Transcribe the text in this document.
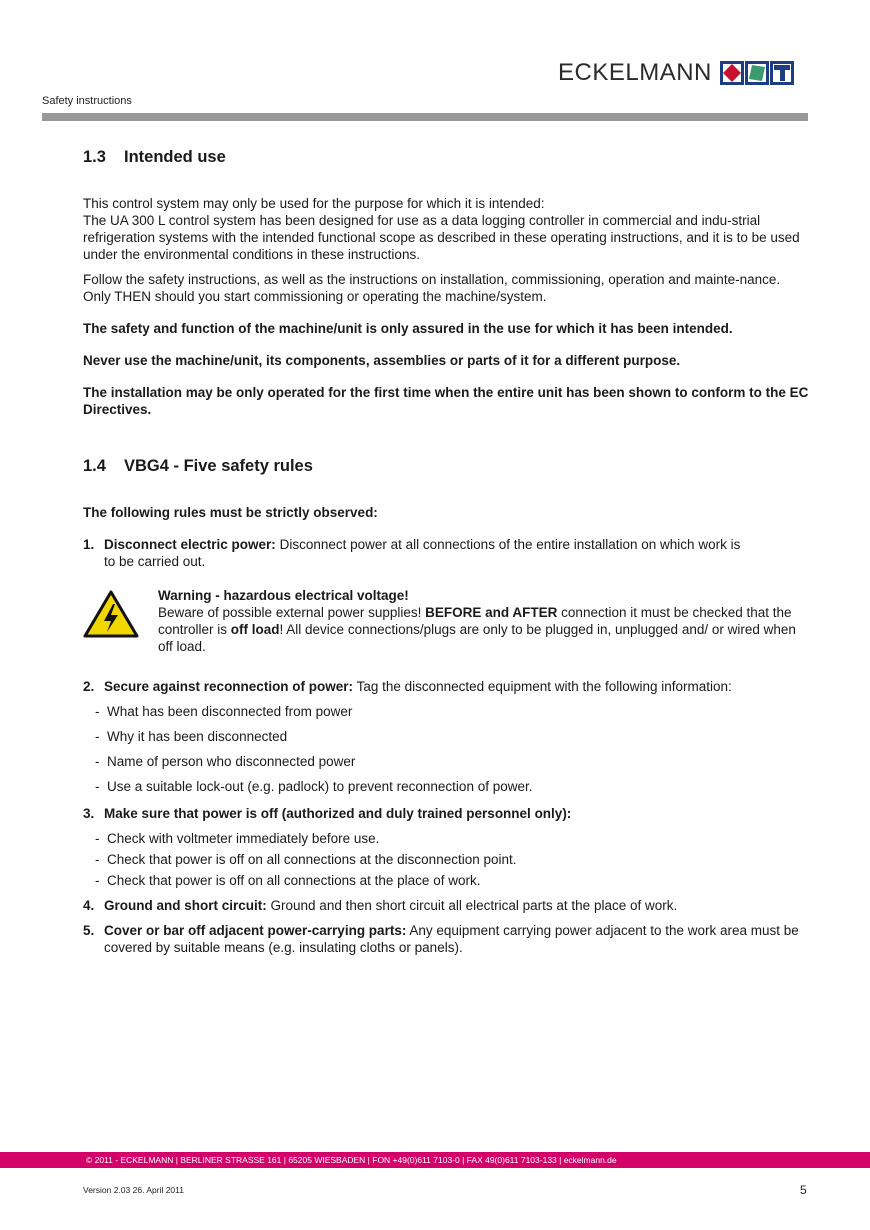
ECKELMANN
Safety instructions
1.3 Intended use

This control system may only be used for the purpose for which it is intended:
The UA 300 L control system has been designed for use as a data logging controller in commercial and indu-strial refrigeration systems with the intended functional scope as described in these operating instructions, and it is to be used under the environmental conditions in these instructions.

Follow the safety instructions, as well as the instructions on installation, commissioning, operation and mainte-nance. Only THEN should you start commissioning or operating the machine/system.

The safety and function of the machine/unit is only assured in the use for which it has been intended.

Never use the machine/unit, its components, assemblies or parts of it for a different purpose.

The installation may be only operated for the first time when the entire unit has been shown to conform to the EC Directives.

1.4 VBG4 - Five safety rules

The following rules must be strictly observed:

1. Disconnect electric power: Disconnect power at all connections of the entire installation on which work is to be carried out.

Warning - hazardous electrical voltage!

Beware of possible external power supplies! BEFORE and AFTER connection it must be checked that the controller is off load! All device connections/plugs are only to be plugged in, unplugged and/ or wired when off load.

2. Secure against reconnection of power: Tag the disconnected equipment with the following information:

- What has been disconnected from power
- Why it has been disconnected
- Name of person who disconnected power
- Use a suitable lock-out (e.g. padlock) to prevent reconnection of power.
3. Make sure that power is off (authorized and duly trained personnel only):

- Check with voltmeter immediately before use.
- Check that power is off on all connections at the disconnection point.
- Check that power is off on all connections at the place of work.
4. Ground and short circuit: Ground and then short circuit all electrical parts at the place of work.

5. Cover or bar off adjacent power-carrying parts: Any equipment carrying power adjacent to the work area must be covered by suitable means (e.g. insulating cloths or panels).

© 2011 - ECKELMANN | BERLINER STRASSE 161 | 65205 WIESBADEN | FON +49(0)611 7103-0 | FAX 49(0)611 7103-133 | eckelmann.de
Version 2.03 26. April 2011	5
